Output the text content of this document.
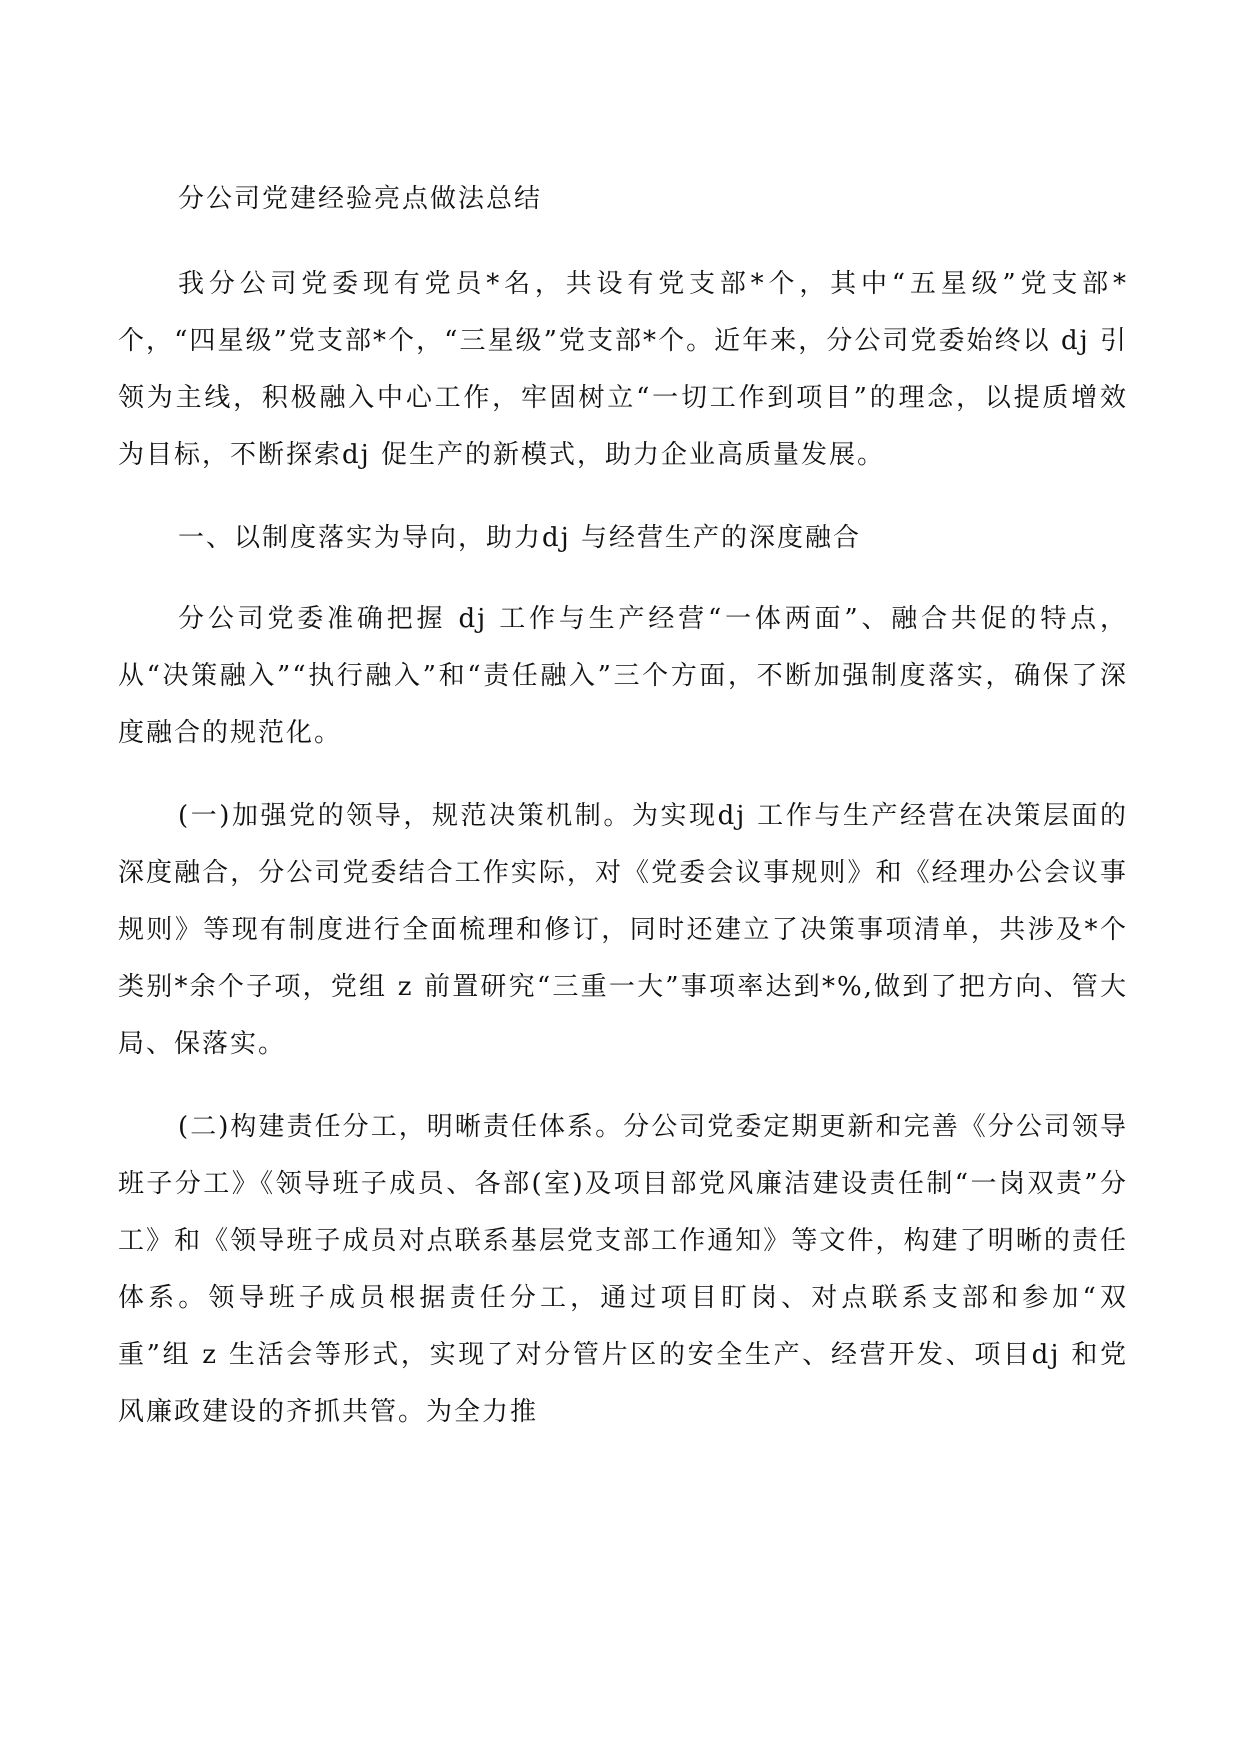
分公司党建经验亮点做法总结

我分公司党委现有党员*名，共设有党支部*个，其中“五星级”党支部*个，“四星级”党支部*个，“三星级”党支部*个。近年来，分公司党委始终以 dj 引领为主线，积极融入中心工作，牢固树立“一切工作到项目”的理念，以提质增效为目标，不断探索dj 促生产的新模式，助力企业高质量发展。

一、以制度落实为导向，助力dj 与经营生产的深度融合

分公司党委准确把握 dj 工作与生产经营“一体两面”、融合共促的特点，从“决策融入”“执行融入”和“责任融入”三个方面，不断加强制度落实，确保了深度融合的规范化。

(一)加强党的领导，规范决策机制。为实现dj 工作与生产经营在决策层面的深度融合，分公司党委结合工作实际，对《党委会议事规则》和《经理办公会议事规则》等现有制度进行全面梳理和修订，同时还建立了决策事项清单，共涉及*个类别*余个子项，党组 z 前置研究“三重一大”事项率达到*%,做到了把方向、管大局、保落实。

(二)构建责任分工，明晰责任体系。分公司党委定期更新和完善《分公司领导班子分工》《领导班子成员、各部(室)及项目部党风廉洁建设责任制“一岗双责”分工》和《领导班子成员对点联系基层党支部工作通知》等文件，构建了明晰的责任体系。领导班子成员根据责任分工，通过项目盯岗、对点联系支部和参加“双重”组 z 生活会等形式，实现了对分管片区的安全生产、经营开发、项目dj 和党风廉政建设的齐抓共管。为全力推
